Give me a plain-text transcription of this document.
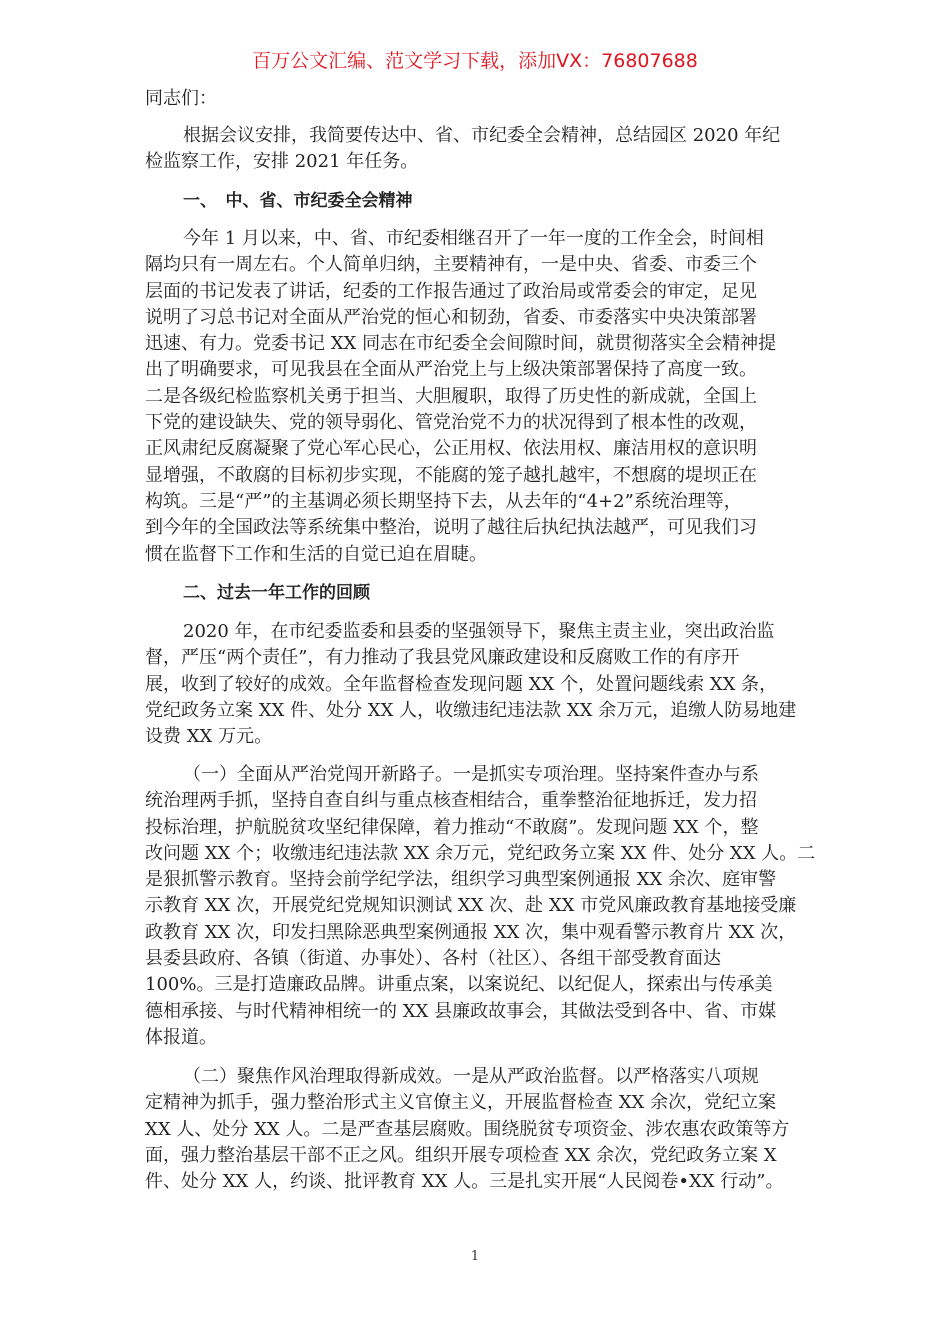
百万公文汇编、范文学习下载，添加VX：76807688
同志们：
根据会议安排，我简要传达中、省、市纪委全会精神，总结园区 2020 年纪
检监察工作，安排 2021 年任务。
一、　中、省、市纪委全会精神
今年 1 月以来，中、省、市纪委相继召开了一年一度的工作全会，时间相
隔均只有一周左右。个人简单归纳，主要精神有，一是中央、省委、市委三个
层面的书记发表了讲话，纪委的工作报告通过了政治局或常委会的审定，足见
说明了习总书记对全面从严治党的恒心和韧劲，省委、市委落实中央决策部署
迅速、有力。党委书记 XX 同志在市纪委全会间隙时间，就贯彻落实全会精神提
出了明确要求，可见我县在全面从严治党上与上级决策部署保持了高度一致。
二是各级纪检监察机关勇于担当、大胆履职，取得了历史性的新成就，全国上
下党的建设缺失、党的领导弱化、管党治党不力的状况得到了根本性的改观，
正风肃纪反腐凝聚了党心军心民心，公正用权、依法用权、廉洁用权的意识明
显增强，不敢腐的目标初步实现，不能腐的笼子越扎越牢，不想腐的堤坝正在
构筑。三是“严”的主基调必须长期坚持下去，从去年的“4+2”系统治理等，
到今年的全国政法等系统集中整治，说明了越往后执纪执法越严，可见我们习
惯在监督下工作和生活的自觉已迫在眉睫。
二、过去一年工作的回顾
2020 年，在市纪委监委和县委的坚强领导下，聚焦主责主业，突出政治监
督，严压“两个责任”，有力推动了我县党风廉政建设和反腐败工作的有序开
展，收到了较好的成效。全年监督检查发现问题 XX 个，处置问题线索 XX 条，
党纪政务立案 XX 件、处分 XX 人，收缴违纪违法款 XX 余万元，追缴人防易地建
设费 XX 万元。
（一）全面从严治党闯开新路子。一是抓实专项治理。坚持案件查办与系
统治理两手抓，坚持自查自纠与重点核查相结合，重拳整治征地拆迁，发力招
投标治理，护航脱贫攻坚纪律保障，着力推动“不敢腐”。发现问题 XX 个，整
改问题 XX 个；收缴违纪违法款 XX 余万元，党纪政务立案 XX 件、处分 XX 人。二
是狠抓警示教育。坚持会前学纪学法，组织学习典型案例通报 XX 余次、庭审警
示教育 XX 次，开展党纪党规知识测试 XX 次、赴 XX 市党风廉政教育基地接受廉
政教育 XX 次，印发扫黑除恶典型案例通报 XX 次，集中观看警示教育片 XX 次，
县委县政府、各镇（街道、办事处）、各村（社区）、各组干部受教育面达
100%。三是打造廉政品牌。讲重点案，以案说纪、以纪促人，探索出与传承美
德相承接、与时代精神相统一的 XX 县廉政故事会，其做法受到各中、省、市媒
体报道。
（二）聚焦作风治理取得新成效。一是从严政治监督。以严格落实八项规
定精神为抓手，强力整治形式主义官僚主义，开展监督检查 XX 余次，党纪立案
XX 人、处分 XX 人。二是严查基层腐败。围绕脱贫专项资金、涉农惠农政策等方
面，强力整治基层干部不正之风。组织开展专项检查 XX 余次，党纪政务立案 X
件、处分 XX 人，约谈、批评教育 XX 人。三是扎实开展“人民阅卷•XX 行动”。
1
